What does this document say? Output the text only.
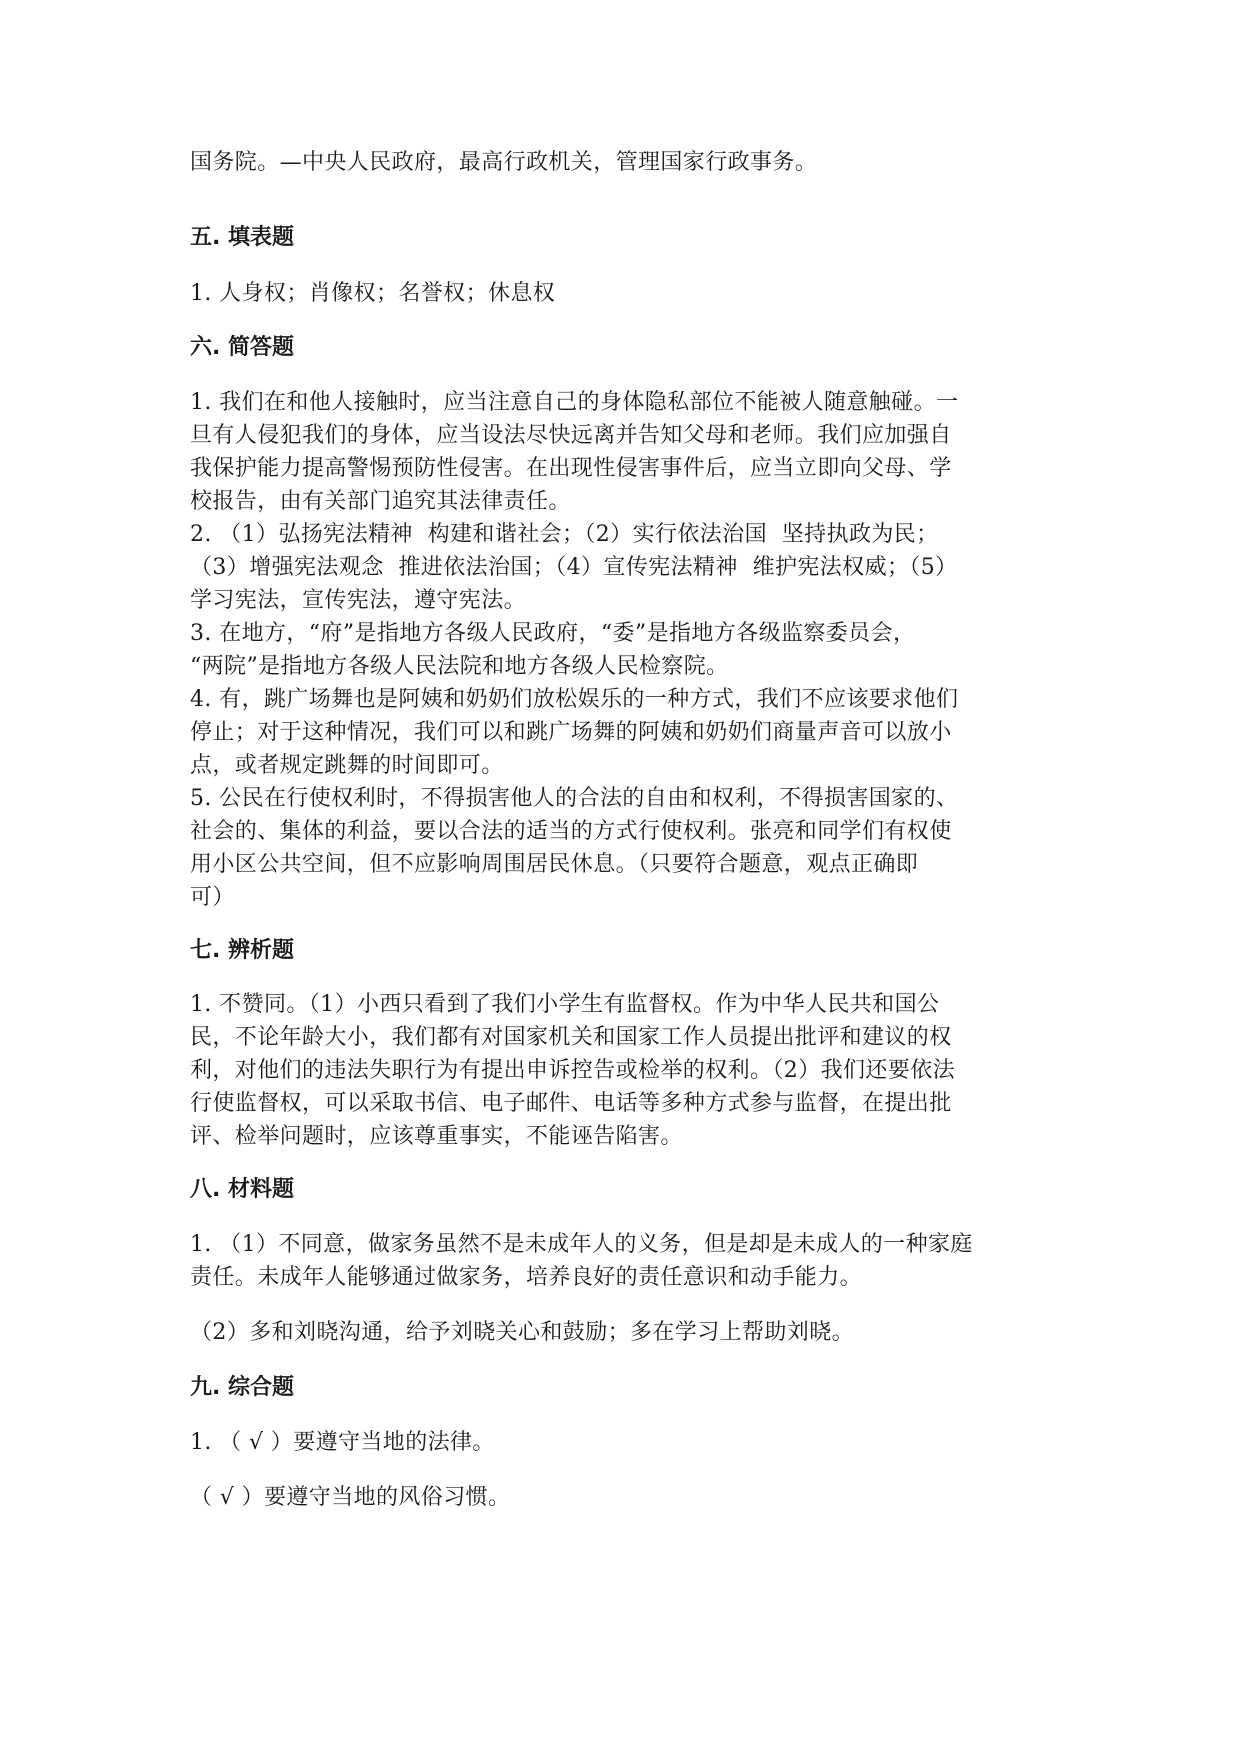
国务院。—中央人民政府，最高行政机关，管理国家行政事务。

五. 填表题

1. 人身权；肖像权；名誉权；休息权

六. 简答题

1. 我们在和他人接触时，应当注意自己的身体隐私部位不能被人随意触碰。一
旦有人侵犯我们的身体，应当设法尽快远离并告知父母和老师。我们应加强自
我保护能力提高警惕预防性侵害。在出现性侵害事件后，应当立即向父母、学
校报告，由有关部门追究其法律责任。
2. （1）弘扬宪法精神  构建和谐社会；（2）实行依法治国  坚持执政为民；
（3）增强宪法观念  推进依法治国；（4）宣传宪法精神  维护宪法权威；（5）
学习宪法，宣传宪法，遵守宪法。
3. 在地方，“府”是指地方各级人民政府，“委”是指地方各级监察委员会，
“两院”是指地方各级人民法院和地方各级人民检察院。
4. 有，跳广场舞也是阿姨和奶奶们放松娱乐的一种方式，我们不应该要求他们
停止；对于这种情况，我们可以和跳广场舞的阿姨和奶奶们商量声音可以放小
点，或者规定跳舞的时间即可。
5. 公民在行使权利时，不得损害他人的合法的自由和权利，不得损害国家的、
社会的、集体的利益，要以合法的适当的方式行使权利。张亮和同学们有权使
用小区公共空间，但不应影响周围居民休息。（只要符合题意，观点正确即
可）

七. 辨析题

1. 不赞同。（1）小西只看到了我们小学生有监督权。作为中华人民共和国公
民，不论年龄大小，我们都有对国家机关和国家工作人员提出批评和建议的权
利，对他们的违法失职行为有提出申诉控告或检举的权利。（2）我们还要依法
行使监督权，可以采取书信、电子邮件、电话等多种方式参与监督，在提出批
评、检举问题时，应该尊重事实，不能诬告陷害。

八. 材料题

1. （1）不同意，做家务虽然不是未成年人的义务，但是却是未成人的一种家庭
责任。未成年人能够通过做家务，培养良好的责任意识和动手能力。

（2）多和刘晓沟通，给予刘晓关心和鼓励；多在学习上帮助刘晓。

九. 综合题

1. （ √ ）要遵守当地的法律。

（ √ ）要遵守当地的风俗习惯。
